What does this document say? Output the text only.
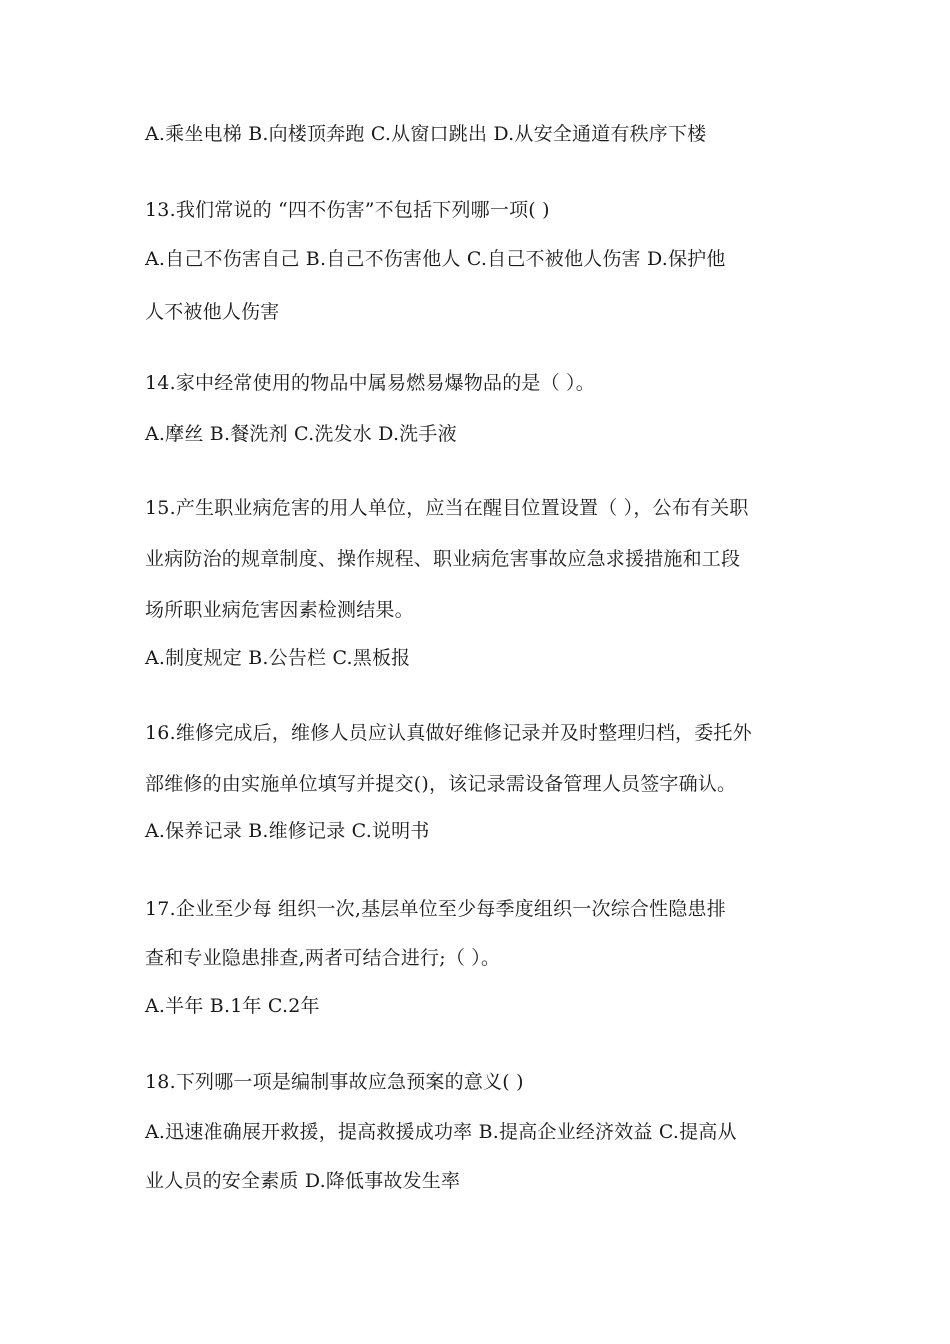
A.乘坐电梯 B.向楼顶奔跑 C.从窗口跳出 D.从安全通道有秩序下楼
13.我们常说的 “四不伤害”不包括下列哪一项( )
A.自己不伤害自己 B.自己不伤害他人 C.自己不被他人伤害 D.保护他
人不被他人伤害
14.家中经常使用的物品中属易燃易爆物品的是（ ）。
A.摩丝 B.餐洗剂 C.洗发水 D.洗手液
15.产生职业病危害的用人单位，应当在醒目位置设置（ ），公布有关职
业病防治的规章制度、操作规程、职业病危害事故应急求援措施和工段
场所职业病危害因素检测结果。
A.制度规定 B.公告栏 C.黑板报
16.维修完成后，维修人员应认真做好维修记录并及时整理归档，委托外
部维修的由实施单位填写并提交()，该记录需设备管理人员签字确认。
A.保养记录 B.维修记录 C.说明书
17.企业至少每 组织一次,基层单位至少每季度组织一次综合性隐患排
查和专业隐患排查,两者可结合进行;（ ）。
A.半年 B.1年 C.2年
18.下列哪一项是编制事故应急预案的意义( )
A.迅速准确展开救援，提高救援成功率 B.提高企业经济效益 C.提高从
业人员的安全素质 D.降低事故发生率
